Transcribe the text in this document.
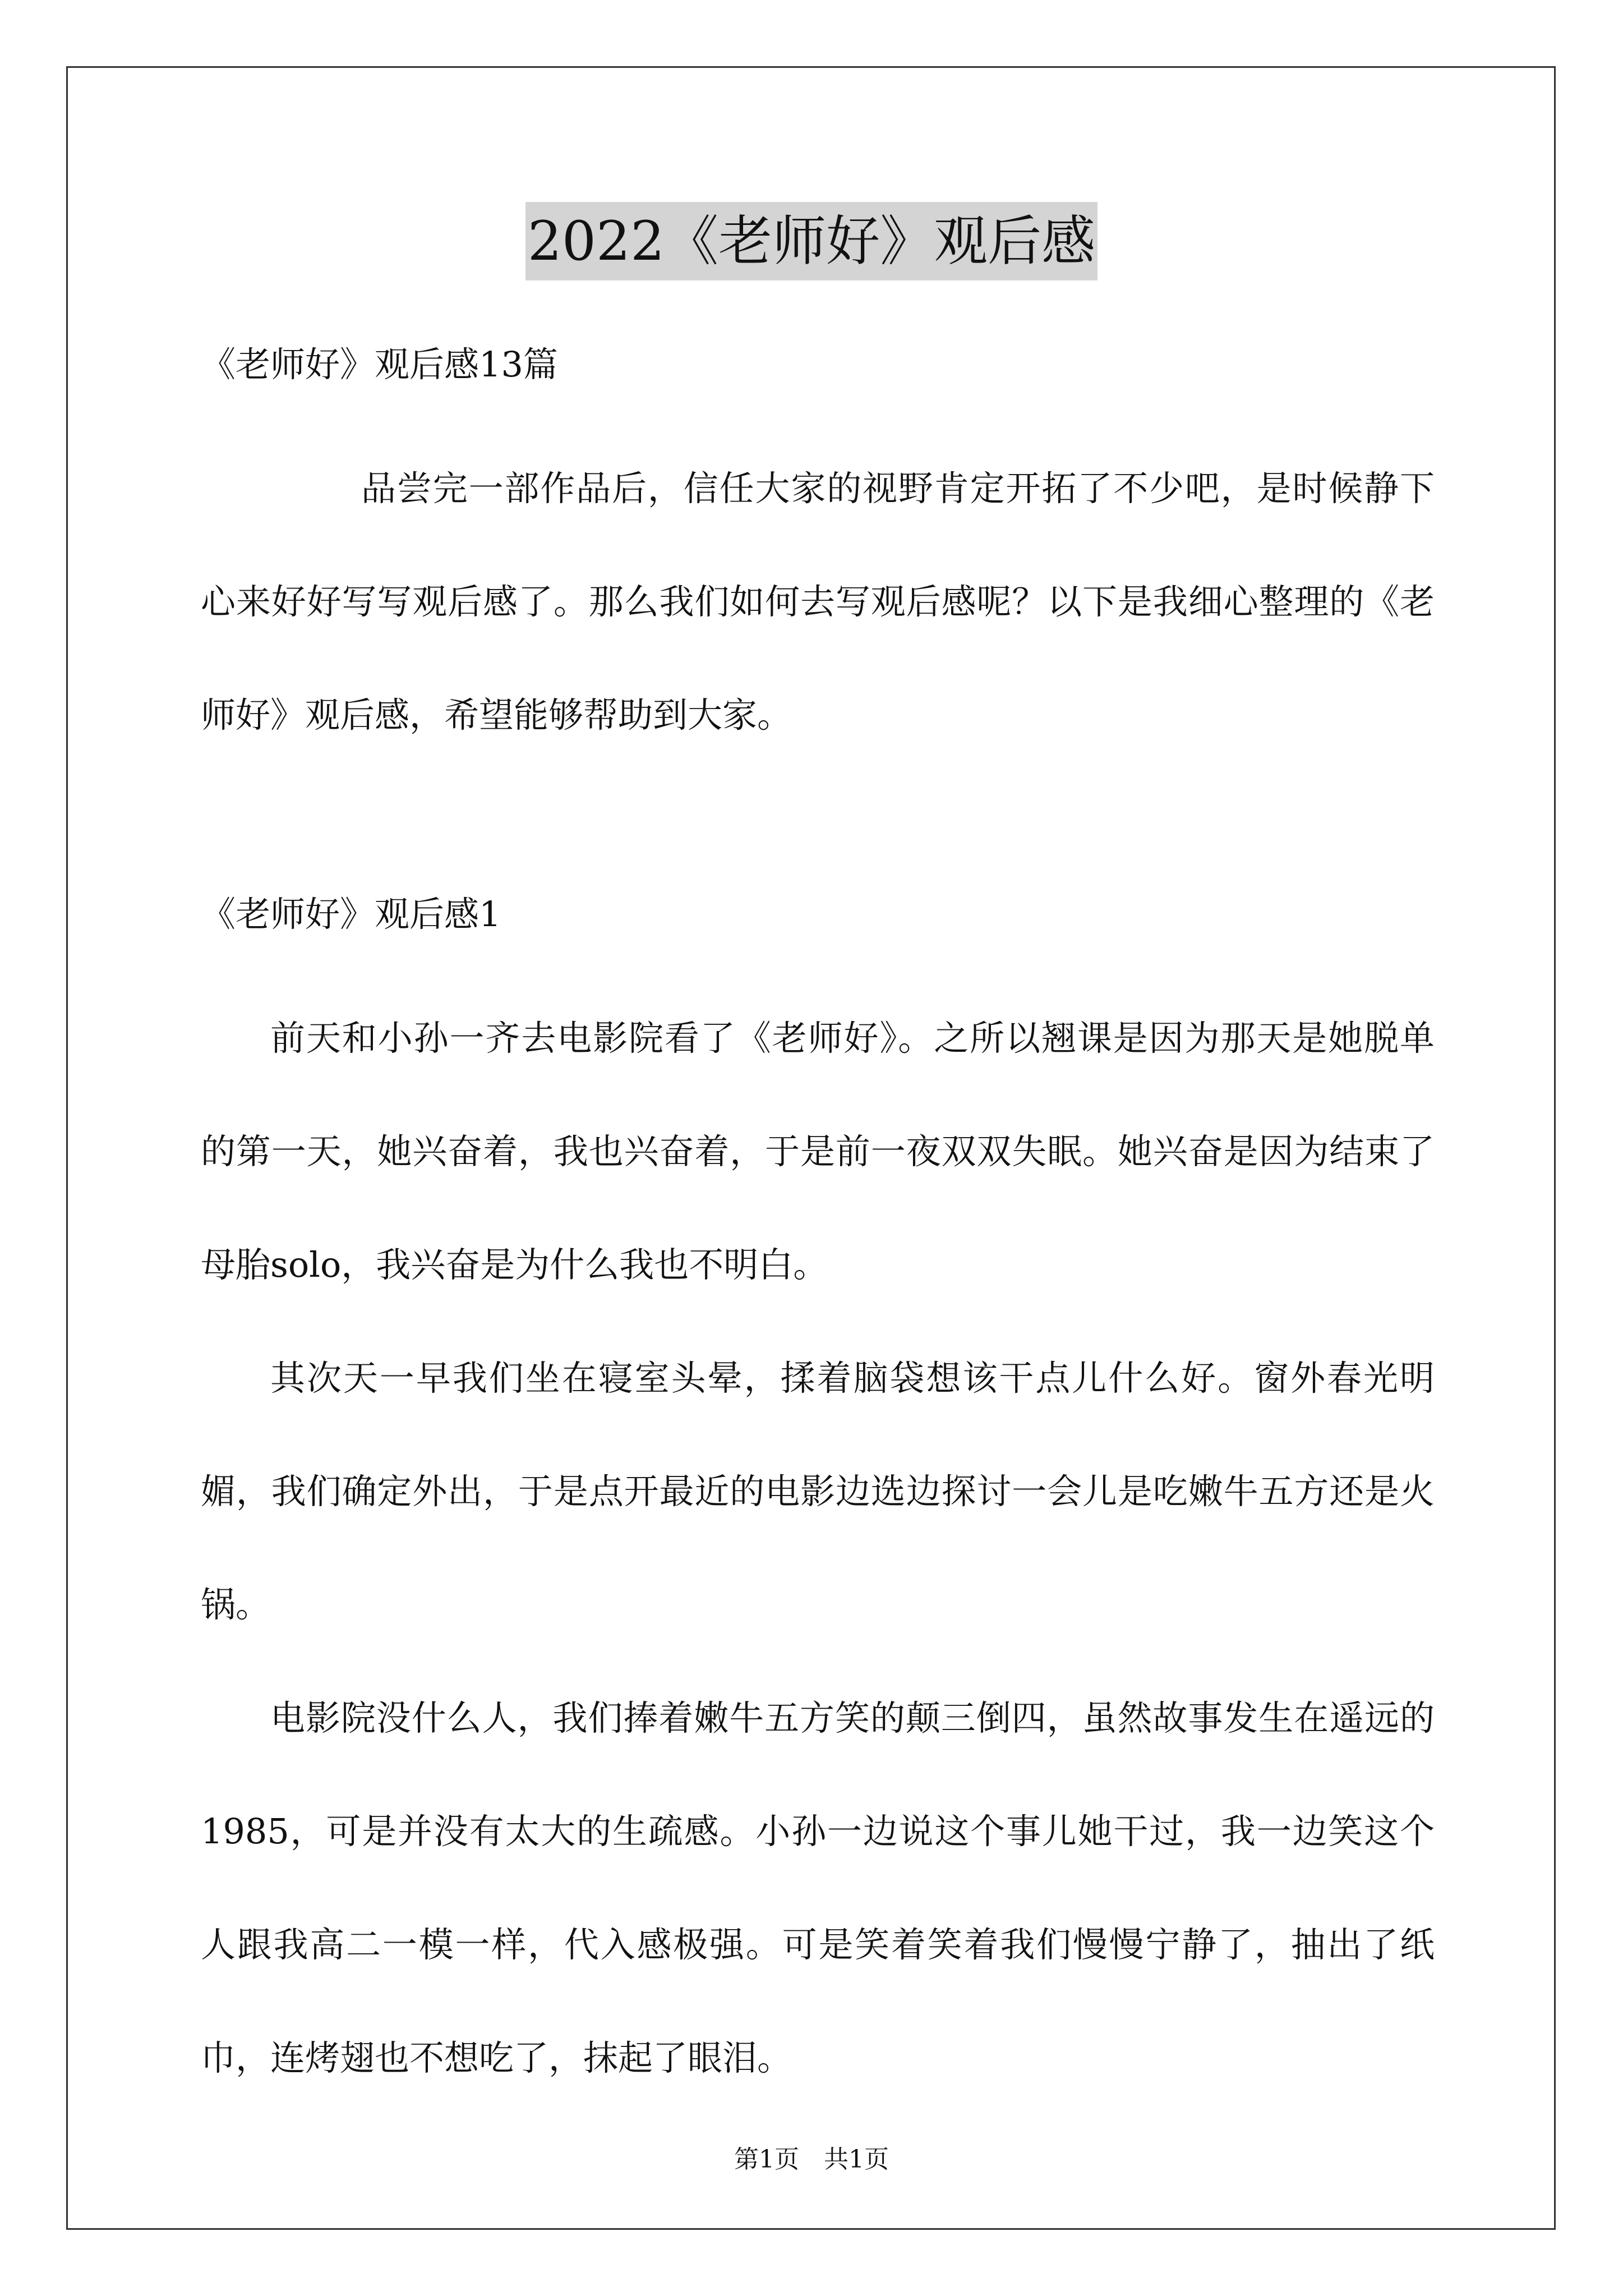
2022《老师好》观后感
《老师好》观后感13篇
品尝完一部作品后，信任大家的视野肯定开拓了不少吧，是时候静下心来好好写写观后感了。那么我们如何去写观后感呢？以下是我细心整理的《老师好》观后感，希望能够帮助到大家。
《老师好》观后感1
前天和小孙一齐去电影院看了《老师好》。之所以翘课是因为那天是她脱单的第一天，她兴奋着，我也兴奋着，于是前一夜双双失眠。她兴奋是因为结束了母胎solo，我兴奋是为什么我也不明白。
其次天一早我们坐在寝室头晕，揉着脑袋想该干点儿什么好。窗外春光明媚，我们确定外出，于是点开最近的电影边选边探讨一会儿是吃嫩牛五方还是火锅。
电影院没什么人，我们捧着嫩牛五方笑的颠三倒四，虽然故事发生在遥远的1985，可是并没有太大的生疏感。小孙一边说这个事儿她干过，我一边笑这个人跟我高二一模一样，代入感极强。可是笑着笑着我们慢慢宁静了，抽出了纸巾，连烤翅也不想吃了，抹起了眼泪。
第1页　共1页
